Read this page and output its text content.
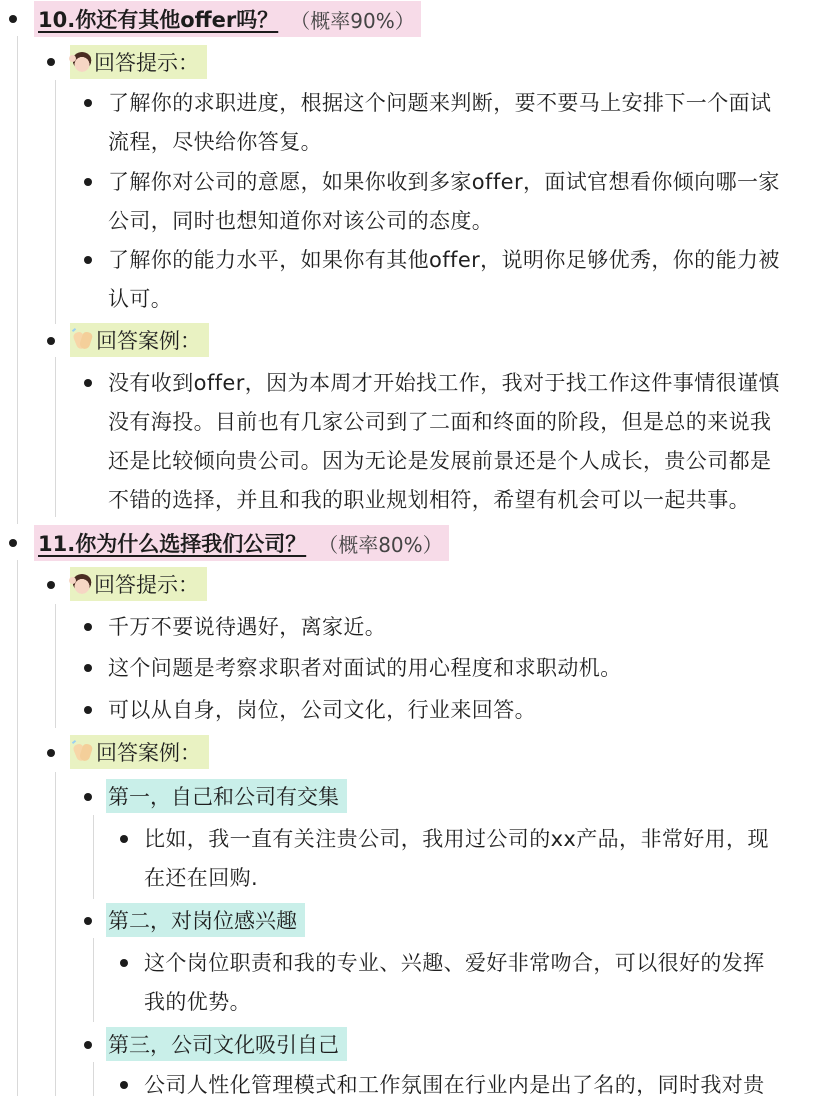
10.你还有其他offer吗？ （概率90%）
回答提示：
了解你的求职进度，根据这个问题来判断，要不要马上安排下一个面试
流程，尽快给你答复。
了解你对公司的意愿，如果你收到多家offer，面试官想看你倾向哪一家
公司，同时也想知道你对该公司的态度。
了解你的能力水平，如果你有其他offer，说明你足够优秀，你的能力被
认可。
回答案例：
没有收到offer，因为本周才开始找工作，我对于找工作这件事情很谨慎
没有海投。目前也有几家公司到了二面和终面的阶段，但是总的来说我
还是比较倾向贵公司。因为无论是发展前景还是个人成长，贵公司都是
不错的选择，并且和我的职业规划相符，希望有机会可以一起共事。
11.你为什么选择我们公司？ （概率80%）
回答提示：
千万不要说待遇好，离家近。
这个问题是考察求职者对面试的用心程度和求职动机。
可以从自身，岗位，公司文化，行业来回答。
回答案例：
第一，自己和公司有交集
比如，我一直有关注贵公司，我用过公司的xx产品，非常好用，现
在还在回购.
第二，对岗位感兴趣
这个岗位职责和我的专业、兴趣、爱好非常吻合，可以很好的发挥
我的优势。
第三，公司文化吸引自己
公司人性化管理模式和工作氛围在行业内是出了名的，同时我对贵
